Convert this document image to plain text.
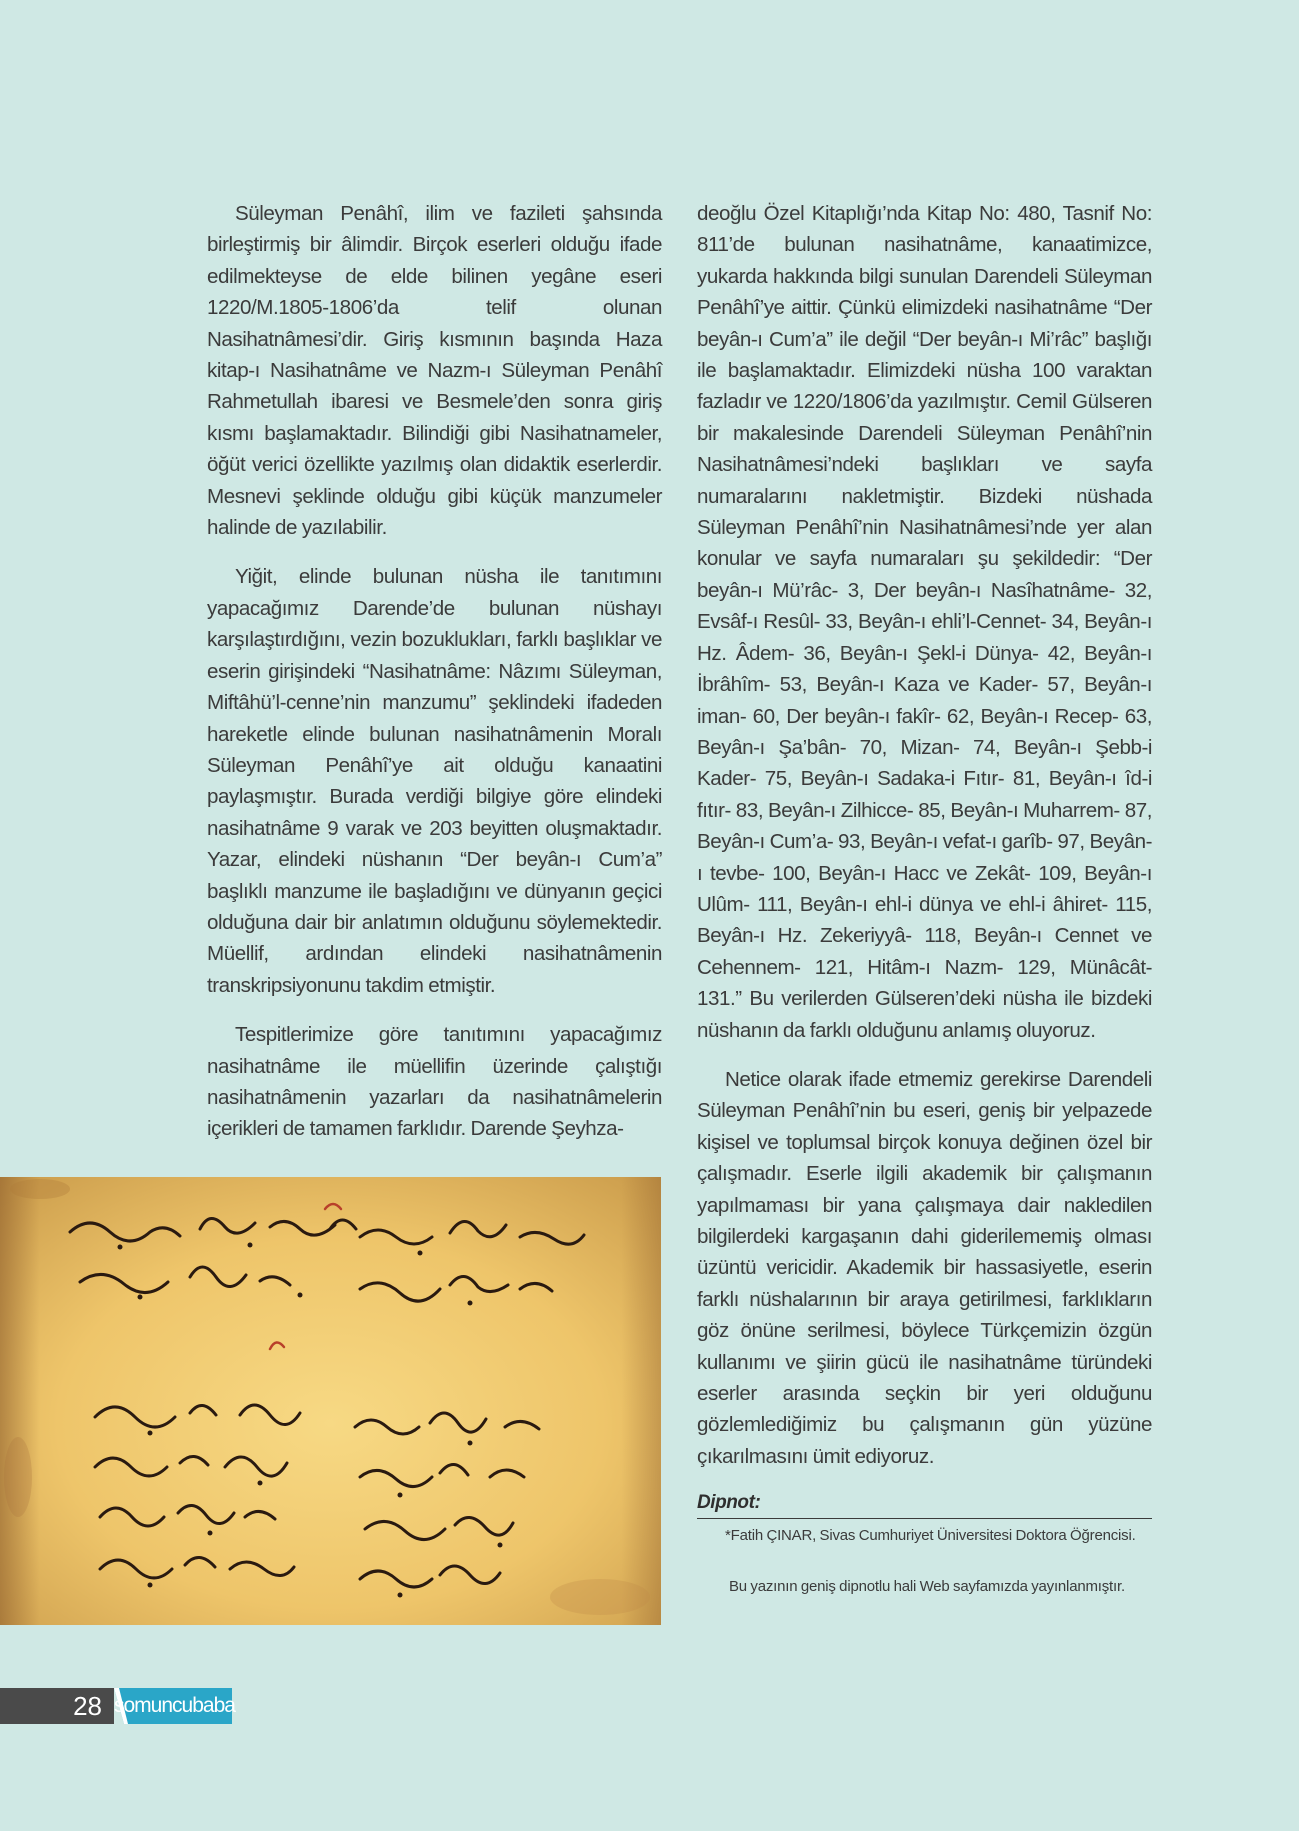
Süleyman Penâhî, ilim ve fazileti şahsında birleştirmiş bir âlimdir. Birçok eserleri olduğu ifade edilmekteyse de elde bilinen yegâne eseri 1220/M.1805-1806’da telif olunan Nasihatnâmesi’dir. Giriş kısmının başında Haza kitap-ı Nasihatnâme ve Nazm-ı Süleyman Penâhî Rahmetullah ibaresi ve Besmele’den sonra giriş kısmı başlamaktadır. Bilindiği gibi Nasihatnameler, öğüt verici özellikte yazılmış olan didaktik eserlerdir. Mesnevi şeklinde olduğu gibi küçük manzumeler halinde de yazılabilir.

Yiğit, elinde bulunan nüsha ile tanıtımını yapacağımız Darende’de bulunan nüshayı karşılaştırdığını, vezin bozuklukları, farklı başlıklar ve eserin girişindeki “Nasihatnâme: Nâzımı Süleyman, Miftâhü’l-cenne’nin manzumu” şeklindeki ifadeden hareketle elinde bulunan nasihatnâmenin Moralı Süleyman Penâhî’ye ait olduğu kanaatini paylaşmıştır. Burada verdiği bilgiye göre elindeki nasihatnâme 9 varak ve 203 beyitten oluşmaktadır. Yazar, elindeki nüshanın “Der beyân-ı Cum’a” başlıklı manzume ile başladığını ve dünyanın geçici olduğuna dair bir anlatımın olduğunu söylemektedir. Müellif, ardından elindeki nasihatnâmenin transkripsiyonunu takdim etmiştir.

Tespitlerimize göre tanıtımını yapacağımız nasihatnâme ile müellifin üzerinde çalıştığı nasihatnâmenin yazarları da nasihatnâmelerin içerikleri de tamamen farklıdır. Darende Şeyhza-

deoğlu Özel Kitaplığı’nda Kitap No: 480, Tasnif No: 811’de bulunan nasihatnâme, kanaatimizce, yukarda hakkında bilgi sunulan Darendeli Süleyman Penâhî’ye aittir. Çünkü elimizdeki nasihatnâme “Der beyân-ı Cum’a” ile değil “Der beyân-ı Mi’râc” başlığı ile başlamaktadır. Elimizdeki nüsha 100 varaktan fazladır ve 1220/1806’da yazılmıştır. Cemil Gülseren bir makalesinde Darendeli Süleyman Penâhî’nin Nasihatnâmesi’ndeki başlıkları ve sayfa numaralarını nakletmiştir. Bizdeki nüshada Süleyman Penâhî’nin Nasihatnâmesi’nde yer alan konular ve sayfa numaraları şu şekildedir: “Der beyân-ı Mü’râc- 3, Der beyân-ı Nasîhatnâme- 32, Evsâf-ı Resûl- 33, Beyân-ı ehli’l-Cennet- 34, Beyân-ı Hz. Âdem- 36, Beyân-ı Şekl-i Dünya- 42, Beyân-ı İbrâhîm- 53, Beyân-ı Kaza ve Kader- 57, Beyân-ı iman- 60, Der beyân-ı fakîr- 62, Beyân-ı Recep- 63, Beyân-ı Şa’bân- 70, Mizan- 74, Beyân-ı Şebb-i Kader- 75, Beyân-ı Sadaka-i Fıtır- 81, Beyân-ı îd-i fıtır- 83, Beyân-ı Zilhicce- 85, Beyân-ı Muharrem- 87, Beyân-ı Cum’a- 93, Beyân-ı vefat-ı garîb- 97, Beyân-ı tevbe- 100, Beyân-ı Hacc ve Zekât- 109, Beyân-ı Ulûm- 111, Beyân-ı ehl-i dünya ve ehl-i âhiret- 115, Beyân-ı Hz. Zekeriyyâ- 118, Beyân-ı Cennet ve Cehennem- 121, Hitâm-ı Nazm- 129, Münâcât- 131.” Bu verilerden Gülseren’deki nüsha ile bizdeki nüshanın da farklı olduğunu anlamış oluyoruz.

Netice olarak ifade etmemiz gerekirse Darendeli Süleyman Penâhî’nin bu eseri, geniş bir yelpazede kişisel ve toplumsal birçok konuya değinen özel bir çalışmadır. Eserle ilgili akademik bir çalışmanın yapılmaması bir yana çalışmaya dair nakledilen bilgilerdeki kargaşanın dahi giderilememiş olması üzüntü vericidir. Akademik bir hassasiyetle, eserin farklı nüshalarının bir araya getirilmesi, farklıkların göz önüne serilmesi, böylece Türkçemizin özgün kullanımı ve şiirin gücü ile nasihatnâme türündeki eserler arasında seçkin bir yeri olduğunu gözlemlediğimiz bu çalışmanın gün yüzüne çıkarılmasını ümit ediyoruz.

Dipnot:

*Fatih ÇINAR, Sivas Cumhuriyet Üniversitesi Doktora Öğrencisi.

Bu yazının geniş dipnotlu hali Web sayfamızda yayınlanmıştır.

28 somuncubaba
